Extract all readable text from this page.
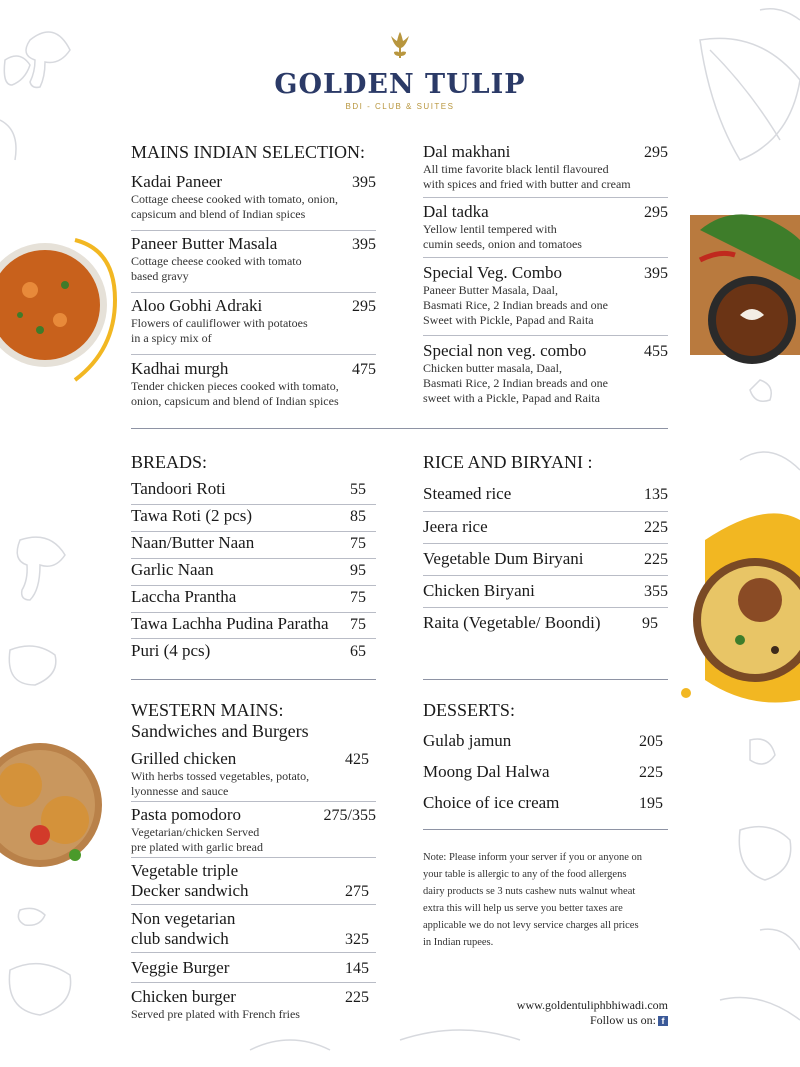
GOLDEN TULIP
BDI - CLUB & SUITES
MAINS INDIAN SELECTION:
Kadai Paneer	395
Cottage cheese cooked with tomato, onion,
capsicum and blend of Indian spices
Paneer Butter Masala	395
Cottage cheese cooked with tomato
based gravy
Aloo Gobhi Adraki	295
Flowers of cauliflower with potatoes
in a spicy mix of
Kadhai murgh	475
Tender chicken pieces cooked with tomato,
onion, capsicum and blend of Indian spices
Dal makhani	295
All time favorite black lentil flavoured
with spices and fried with butter and cream
Dal tadka	295
Yellow lentil tempered with
cumin seeds, onion and tomatoes
Special Veg. Combo	395
Paneer Butter Masala, Daal,
Basmati Rice, 2 Indian breads and one
Sweet with Pickle, Papad and Raita
Special non veg. combo	455
Chicken butter masala, Daal,
Basmati Rice, 2 Indian breads and one
sweet with a Pickle, Papad and Raita
BREADS:
Tandoori Roti	55
Tawa Roti (2 pcs)	85
Naan/Butter Naan	75
Garlic Naan	95
Laccha Prantha	75
Tawa Lachha Pudina Paratha 75
Puri (4 pcs)	65
RICE AND BIRYANI :
Steamed rice	135
Jeera rice	225
Vegetable Dum Biryani	225
Chicken Biryani	355
Raita (Vegetable/ Boondi)	95
WESTERN MAINS:
Sandwiches and Burgers
Grilled chicken	425
With herbs tossed vegetables, potato,
lyonnesse and sauce
Pasta pomodoro	275/355
Vegetarian/chicken Served
pre plated with garlic bread
Vegetable triple
Decker sandwich	275
Non vegetarian
club sandwich	325
Veggie Burger	145
Chicken burger	225
Served pre plated with French fries
DESSERTS:
Gulab jamun	205
Moong Dal Halwa	225
Choice of ice cream	195
Note: Please inform your server if you or anyone on
your table is allergic to any of the food allergens
dairy products se 3 nuts cashew nuts walnut wheat
extra this will help us serve you better taxes are
applicable we do not levy service charges all prices
in Indian rupees.
www.goldentuliphbhiwadi.com
Follow us on: f
